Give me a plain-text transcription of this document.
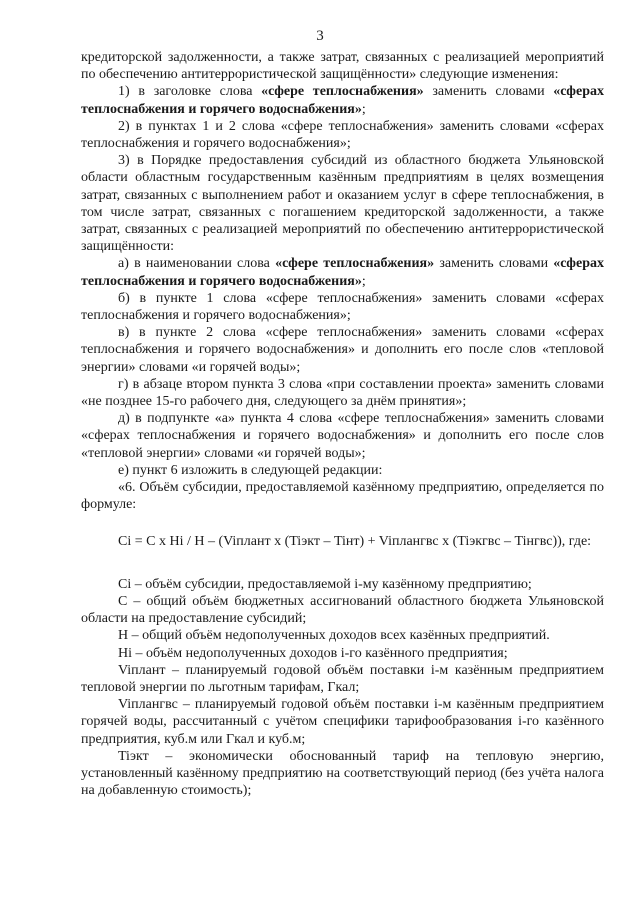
3

кредиторской задолженности, а также затрат, связанных с реализацией мероприятий по обеспечению антитеррористической защищённости» следующие изменения:

1) в заголовке слова «сфере теплоснабжения» заменить словами «сферах теплоснабжения и горячего водоснабжения»;

2) в пунктах 1 и 2 слова «сфере теплоснабжения» заменить словами «сферах теплоснабжения и горячего водоснабжения»;

3) в Порядке предоставления субсидий из областного бюджета Ульяновской области областным государственным казённым предприятиям в целях возмещения затрат, связанных с выполнением работ и оказанием услуг в сфере теплоснабжения, в том числе затрат, связанных с погашением кредиторской задолженности, а также затрат, связанных с реализацией мероприятий по обеспечению антитеррористической защищённости:

а) в наименовании слова «сфере теплоснабжения» заменить словами «сферах теплоснабжения и горячего водоснабжения»;

б) в пункте 1 слова «сфере теплоснабжения» заменить словами «сферах теплоснабжения и горячего водоснабжения»;

в) в пункте 2 слова «сфере теплоснабжения» заменить словами «сферах теплоснабжения и горячего водоснабжения» и дополнить его после слов «тепловой энергии» словами «и горячей воды»;

г) в абзаце втором пункта 3 слова «при составлении проекта» заменить словами «не позднее 15-го рабочего дня, следующего за днём принятия»;

д) в подпункте «а» пункта 4 слова «сфере теплоснабжения» заменить словами «сферах теплоснабжения и горячего водоснабжения» и дополнить его после слов «тепловой энергии» словами «и горячей воды»;

е) пункт 6 изложить в следующей редакции:

«6. Объём субсидии, предоставляемой казённому предприятию, определяется по формуле:

Ci = C x Hi / H – (Viплант x (Tiэкт – Tiнт) + Viплангвс x (Tiэкгвс – Tiнгвс)), где:

Ci – объём субсидии, предоставляемой i-му казённому предприятию;

С – общий объём бюджетных ассигнований областного бюджета Ульяновской области на предоставление субсидий;

Н – общий объём недополученных доходов всех казённых предприятий.

Hi – объём недополученных доходов i-го казённого предприятия;

Viплант – планируемый годовой объём поставки i-м казённым предприятием тепловой энергии по льготным тарифам, Гкал;

Viплангвс – планируемый годовой объём поставки i-м казённым предприятием горячей воды, рассчитанный с учётом специфики тарифообразования i-го казённого предприятия, куб.м или Гкал и куб.м;

Tiэкт – экономически обоснованный тариф на тепловую энергию, установленный казённому предприятию на соответствующий период (без учёта налога на добавленную стоимость);
